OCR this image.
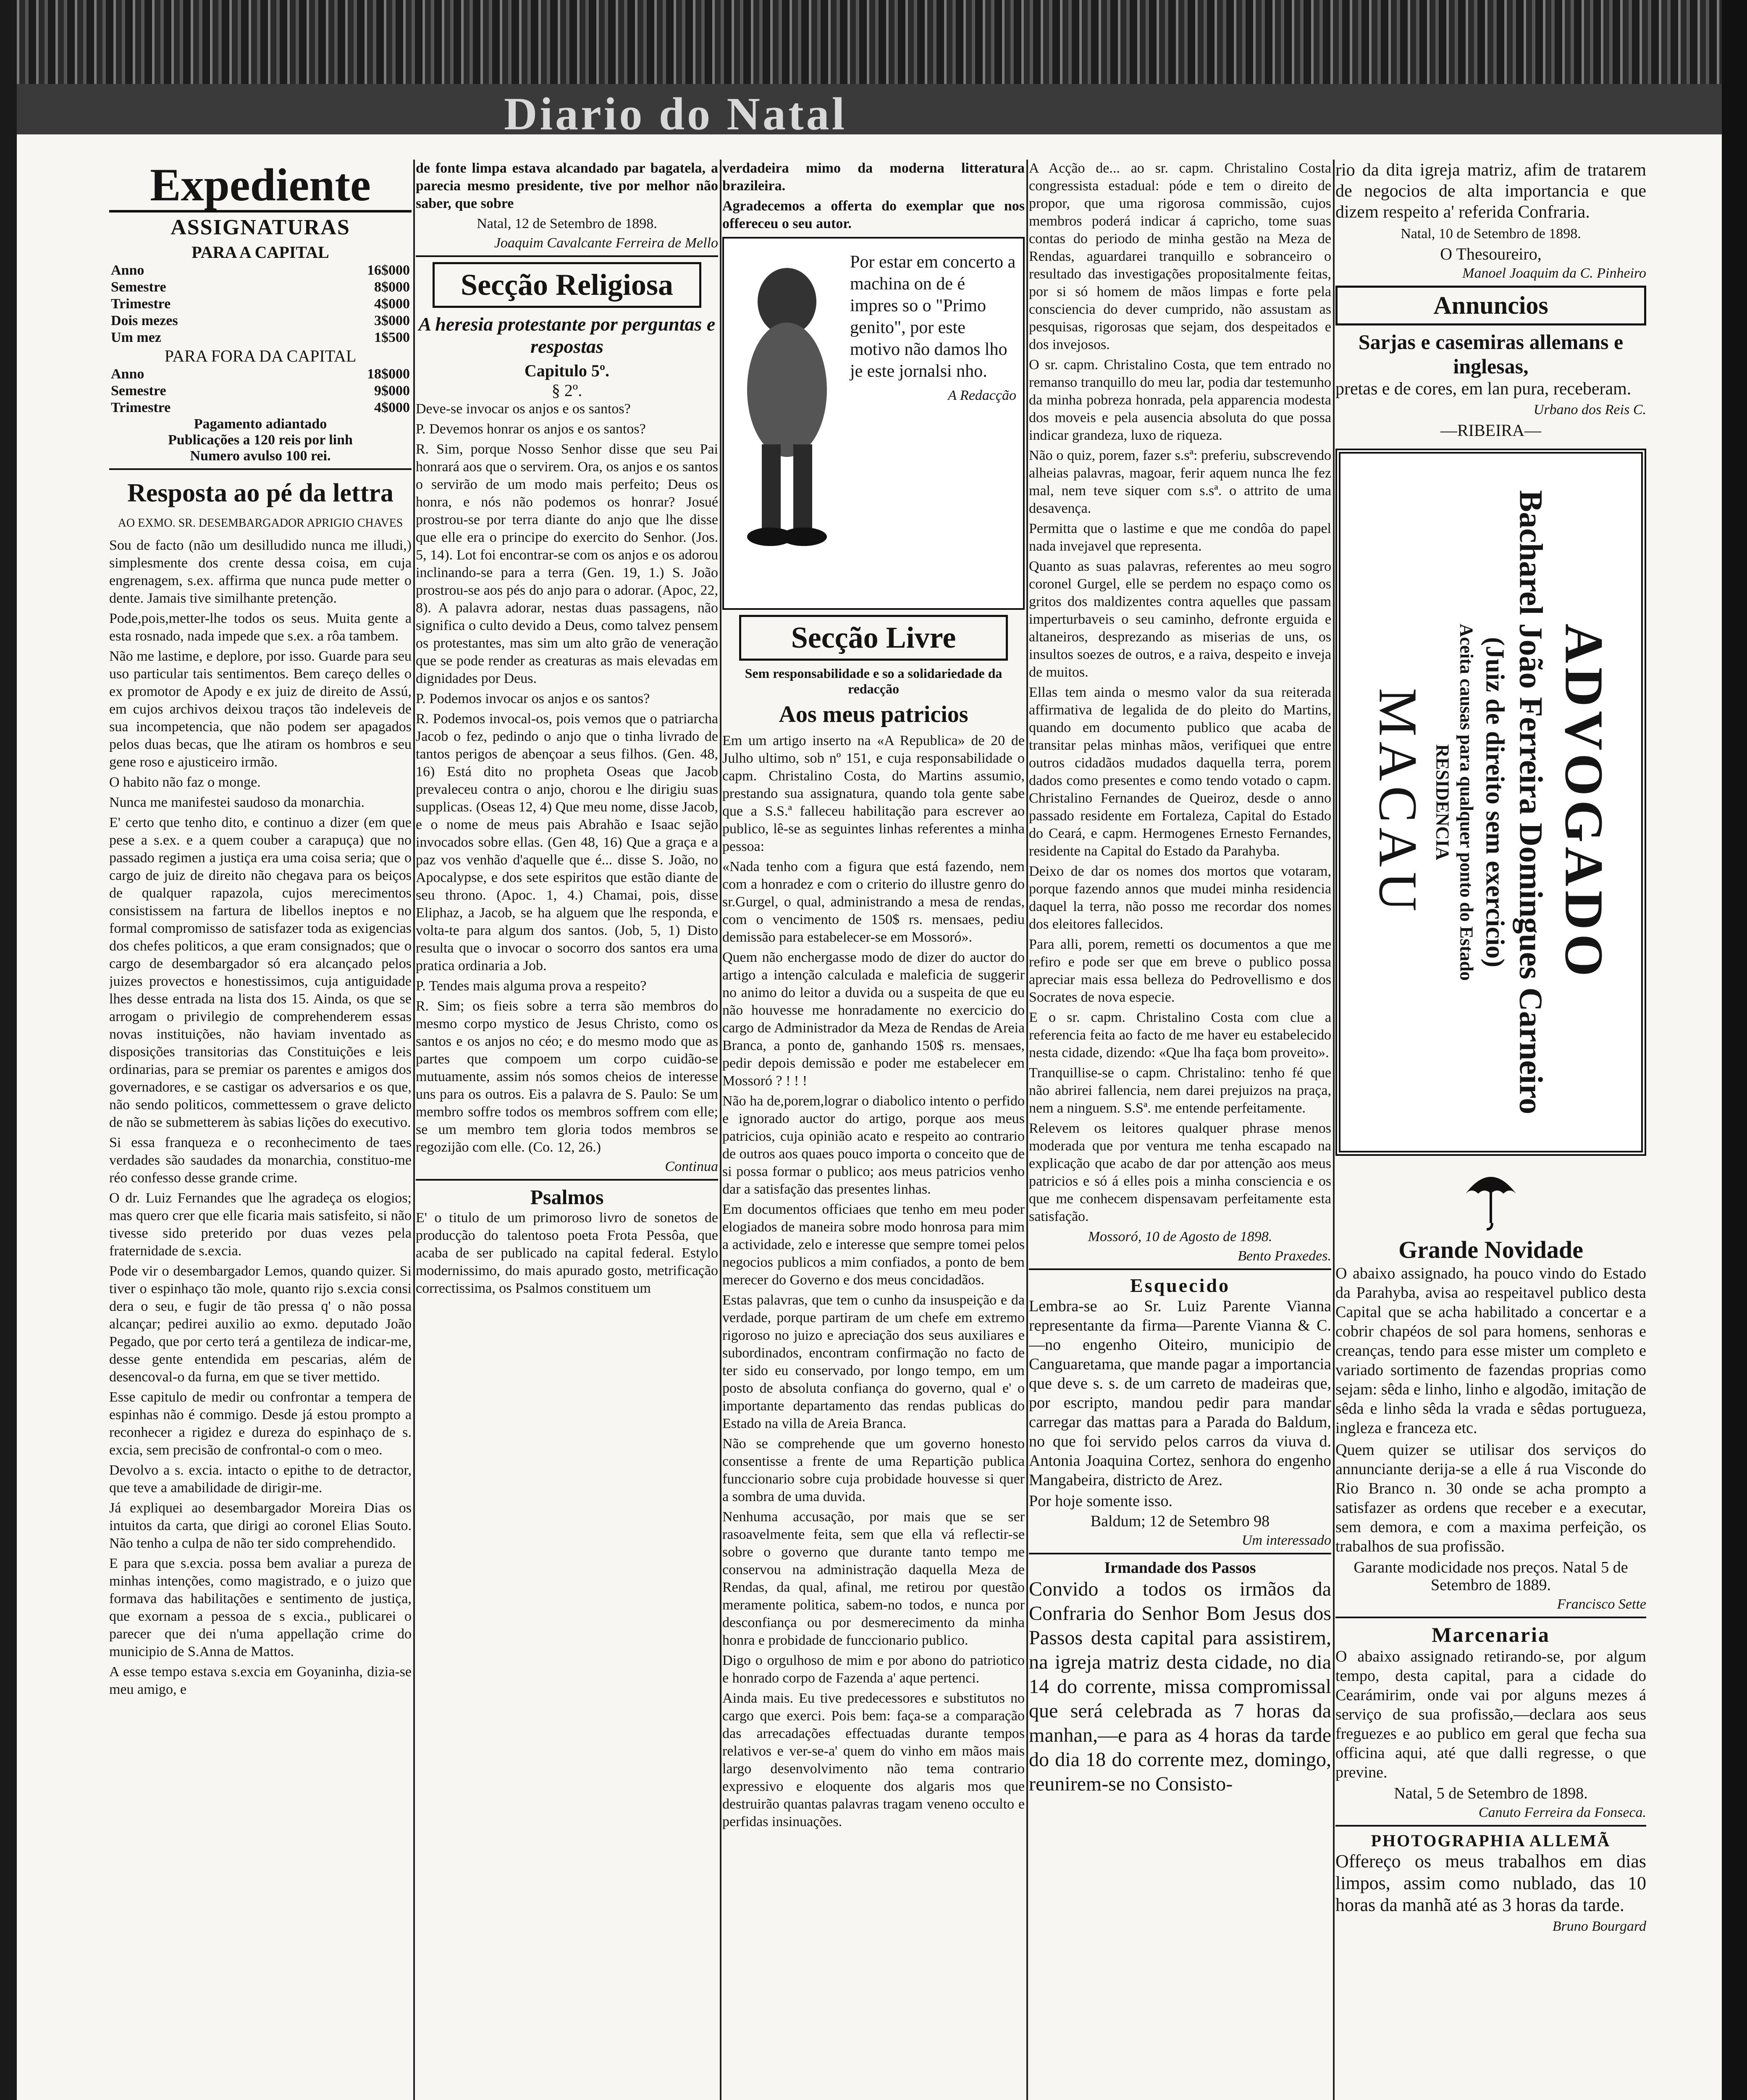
Diario do Natal
Expediente
ASSIGNATURAS
PARA A CAPITAL
Anno	16$000
Semestre	8$000
Trimestre	4$000
Dois mezes	3$000
Um mez	1$500
PARA FORA DA CAPITAL
Anno	18$000
Semestre	9$000
Trimestre	4$000
Pagamento adiantado
Publicações a 120 reis por linh
Numero avulso 100 rei.
Resposta ao pé da lettra
AO EXMO. SR. DESEMBARGADOR APRIGIO CHAVES

Sou de facto (não um desilludido nunca me illudi,) simplesmente dos crente dessa coisa, em cuja engrenagem, s.ex. affirma que nunca pude metter o dente. Jamais tive similhante pretenção.

Pode,pois,metter-lhe todos os seus. Muita gente a esta rosnado, nada impede que s.ex. a rôa tambem.

Não me lastime, e deplore, por isso. Guarde para seu uso particular tais sentimentos. Bem careço delles o ex promotor de Apody e ex juiz de direito de Assú, em cujos archivos deixou traços tão indeleveis de sua incompetencia, que não podem ser apagados pelos duas becas, que lhe atiram os hombros e seu gene roso e ajusticeiro irmão.

O habito não faz o monge.

Nunca me manifestei saudoso da monarchia.

E' certo que tenho dito, e continuo a dizer (em que pese a s.ex. e a quem couber a carapuça) que no passado regimen a justiça era uma coisa seria; que o cargo de juiz de direito não chegava para os beiços de qualquer rapazola, cujos merecimentos consistissem na fartura de libellos ineptos e no formal compromisso de satisfazer toda as exigencias dos chefes politicos, a que eram consignados; que o cargo de desembargador só era alcançado pelos juizes provectos e honestissimos, cuja antiguidade lhes desse entrada na lista dos 15. Ainda, os que se arrogam o privilegio de comprehenderem essas novas instituições, não haviam inventado as disposições transitorias das Constituições e leis ordinarias, para se premiar os parentes e amigos dos governadores, e se castigar os adversarios e os que, não sendo politicos, commettessem o grave delicto de não se submetterem às sabias lições do executivo.

Si essa franqueza e o reconhecimento de taes verdades são saudades da monarchia, constituo-me réo confesso desse grande crime.

O dr. Luiz Fernandes que lhe agradeça os elogios; mas quero crer que elle ficaria mais satisfeito, si não tivesse sido preterido por duas vezes pela fraternidade de s.excia.

Pode vir o desembargador Lemos, quando quizer. Si tiver o espinhaço tão mole, quanto rijo s.excia consi dera o seu, e fugir de tão pressa q' o não possa alcançar; pedirei auxilio ao exmo. deputado João Pegado, que por certo terá a gentileza de indicar-me, desse gente entendida em pescarias, além de desencoval-o da furna, em que se tiver mettido.

Esse capitulo de medir ou confrontar a tempera de espinhas não é commigo. Desde já estou prompto a reconhecer a rigidez e dureza do espinhaço de s. excia, sem precisão de confrontal-o com o meo.

Devolvo a s. excia. intacto o epithe to de detractor, que teve a amabilidade de dirigir-me.

Já expliquei ao desembargador Moreira Dias os intuitos da carta, que dirigi ao coronel Elias Souto. Não tenho a culpa de não ter sido comprehendido.

E para que s.excia. possa bem avaliar a pureza de minhas intenções, como magistrado, e o juizo que formava das habilitações e sentimento de justiça, que exornam a pessoa de s excia., publicarei o parecer que dei n'uma appellação crime do municipio de S.Anna de Mattos.

A esse tempo estava s.excia em Goyaninha, dizia-se meu amigo, e

de fonte limpa estava alcandado par bagatela, a parecia mesmo presidente, tive por melhor não saber, que sobre

Natal, 12 de Setembro de 1898.

Joaquim Cavalcante Ferreira de Mello
Secção Religiosa
A heresia protestante por perguntas e respostas
Capitulo 5º.
§ 2º.

Deve-se invocar os anjos e os santos?

P. Devemos honrar os anjos e os santos?

R. Sim, porque Nosso Senhor disse que seu Pai honrará aos que o servirem. Ora, os anjos e os santos o servirão de um modo mais perfeito; Deus os honra, e nós não podemos os honrar? Josué prostrou-se por terra diante do anjo que lhe disse que elle era o principe do exercito do Senhor. (Jos. 5, 14). Lot foi encontrar-se com os anjos e os adorou inclinando-se para a terra (Gen. 19, 1.) S. João prostrou-se aos pés do anjo para o adorar. (Apoc, 22, 8). A palavra adorar, nestas duas passagens, não significa o culto devido a Deus, como talvez pensem os protestantes, mas sim um alto grão de veneração que se pode render as creaturas as mais elevadas em dignidades por Deus.

P. Podemos invocar os anjos e os santos?

R. Podemos invocal-os, pois vemos que o patriarcha Jacob o fez, pedindo o anjo que o tinha livrado de tantos perigos de abençoar a seus filhos. (Gen. 48, 16) Está dito no propheta Oseas que Jacob prevaleceu contra o anjo, chorou e lhe dirigiu suas supplicas. (Oseas 12, 4) Que meu nome, disse Jacob, e o nome de meus pais Abrahão e Isaac sejão invocados sobre ellas. (Gen 48, 16) Que a graça e a paz vos venhão d'aquelle que é... disse S. João, no Apocalypse, e dos sete espiritos que estão diante de seu throno. (Apoc. 1, 4.) Chamai, pois, disse Eliphaz, a Jacob, se ha alguem que lhe responda, e volta-te para algum dos santos. (Job, 5, 1) Disto resulta que o invocar o socorro dos santos era uma pratica ordinaria a Job.

P. Tendes mais alguma prova a respeito?

R. Sim; os fieis sobre a terra são membros do mesmo corpo mystico de Jesus Christo, como os santos e os anjos no céo; e do mesmo modo que as partes que compoem um corpo cuidão-se mutuamente, assim nós somos cheios de interesse uns para os outros. Eis a palavra de S. Paulo: Se um membro soffre todos os membros soffrem com elle; se um membro tem gloria todos membros se regozijão com elle. (Co. 12, 26.)

Continua
Psalmos

E' o titulo de um primoroso livro de sonetos de producção do talentoso poeta Frota Pessôa, que acaba de ser publicado na capital federal. Estylo modernissimo, do mais apurado gosto, metrificação correctissima, os Psalmos constituem um

verdadeira mimo da moderna litteratura brazileira.

Agradecemos a offerta do exemplar que nos offereceu o seu autor.

Por estar em concerto a machina on de é impres so o "Primo genito", por este motivo não damos lho je este jornalsi nho.

A Redacção
Secção Livre
Sem responsabilidade e so a solidariedade da redacção
Aos meus patricios

Em um artigo inserto na «A Republica» de 20 de Julho ultimo, sob nº 151, e cuja responsabilidade o capm. Christalino Costa, do Martins assumio, prestando sua assignatura, quando tola gente sabe que a S.S.ª falleceu habilitação para escrever ao publico, lê-se as seguintes linhas referentes a minha pessoa:

«Nada tenho com a figura que está fazendo, nem com a honradez e com o criterio do illustre genro do sr.Gurgel, o qual, administrando a mesa de rendas, com o vencimento de 150$ rs. mensaes, pediu demissão para estabelecer-se em Mossoró».

Quem não enchergasse modo de dizer do auctor do artigo a intenção calculada e maleficia de suggerir no animo do leitor a duvida ou a suspeita de que eu não houvesse me honradamente no exercicio do cargo de Administrador da Meza de Rendas de Areia Branca, a ponto de, ganhando 150$ rs. mensaes, pedir depois demissão e poder me estabelecer em Mossoró ? ! ! !

Não ha de,porem,lograr o diabolico intento o perfido e ignorado auctor do artigo, porque aos meus patricios, cuja opinião acato e respeito ao contrario de outros aos quaes pouco importa o conceito que de si possa formar o publico; aos meus patricios venho dar a satisfação das presentes linhas.

Em documentos officiaes que tenho em meu poder elogiados de maneira sobre modo honrosa para mim a actividade, zelo e interesse que sempre tomei pelos negocios publicos a mim confiados, a ponto de bem merecer do Governo e dos meus concidadãos.

Estas palavras, que tem o cunho da insuspeição e da verdade, porque partiram de um chefe em extremo rigoroso no juizo e apreciação dos seus auxiliares e subordinados, encontram confirmação no facto de ter sido eu conservado, por longo tempo, em um posto de absoluta confiança do governo, qual e' o importante departamento das rendas publicas do Estado na villa de Areia Branca.

Não se comprehende que um governo honesto consentisse a frente de uma Repartição publica funccionario sobre cuja probidade houvesse si quer a sombra de uma duvida.

Nenhuma accusação, por mais que se ser rasoavelmente feita, sem que ella vá reflectir-se sobre o governo que durante tanto tempo me conservou na administração daquella Meza de Rendas, da qual, afinal, me retirou por questão meramente politica, sabem-no todos, e nunca por desconfiança ou por desmerecimento da minha honra e probidade de funccionario publico.

Digo o orgulhoso de mim e por abono do patriotico e honrado corpo de Fazenda a' aque pertenci.

Ainda mais. Eu tive predecessores e substitutos no cargo que exerci. Pois bem: faça-se a comparação das arrecadações effectuadas durante tempos relativos e ver-se-a' quem do vinho em mãos mais largo desenvolvimento não tema contrario expressivo e eloquente dos algaris mos que destruirão quantas palavras tragam veneno occulto e perfidas insinuações.

A Acção de... ao sr. capm. Christalino Costa congressista estadual: póde e tem o direito de propor, que uma rigorosa commissão, cujos membros poderá indicar á capricho, tome suas contas do periodo de minha gestão na Meza de Rendas, aguardarei tranquillo e sobranceiro o resultado das investigações propositalmente feitas, por si só homem de mãos limpas e forte pela consciencia do dever cumprido, não assustam as pesquisas, rigorosas que sejam, dos despeitados e dos invejosos.

O sr. capm. Christalino Costa, que tem entrado no remanso tranquillo do meu lar, podia dar testemunho da minha pobreza honrada, pela apparencia modesta dos moveis e pela ausencia absoluta do que possa indicar grandeza, luxo de riqueza.

Não o quiz, porem, fazer s.sª: preferiu, subscrevendo alheias palavras, magoar, ferir aquem nunca lhe fez mal, nem teve siquer com s.sª. o attrito de uma desavença.

Permitta que o lastime e que me condôa do papel nada invejavel que representa.

Quanto as suas palavras, referentes ao meu sogro coronel Gurgel, elle se perdem no espaço como os gritos dos maldizentes contra aquelles que passam imperturbaveis o seu caminho, defronte erguida e altaneiros, desprezando as miserias de uns, os insultos soezes de outros, e a raiva, despeito e inveja de muitos.

Ellas tem ainda o mesmo valor da sua reiterada affirmativa de legalida de do pleito do Martins, quando em documento publico que acaba de transitar pelas minhas mãos, verifiquei que entre outros cidadãos mudados daquella terra, porem dados como presentes e como tendo votado o capm. Christalino Fernandes de Queiroz, desde o anno passado residente em Fortaleza, Capital do Estado do Ceará, e capm. Hermogenes Ernesto Fernandes, residente na Capital do Estado da Parahyba.

Deixo de dar os nomes dos mortos que votaram, porque fazendo annos que mudei minha residencia daquel la terra, não posso me recordar dos nomes dos eleitores fallecidos.

Para alli, porem, remetti os documentos a que me refiro e pode ser que em breve o publico possa apreciar mais essa belleza do Pedrovellismo e dos Socrates de nova especie.

E o sr. capm. Christalino Costa com clue a referencia feita ao facto de me haver eu estabelecido nesta cidade, dizendo: «Que lha faça bom proveito».

Tranquillise-se o capm. Christalino: tenho fé que não abrirei fallencia, nem darei prejuizos na praça, nem a ninguem. S.Sª. me entende perfeitamente.

Relevem os leitores qualquer phrase menos moderada que por ventura me tenha escapado na explicação que acabo de dar por attenção aos meus patricios e só á elles pois a minha consciencia e os que me conhecem dispensavam perfeitamente esta satisfação.

Mossoró, 10 de Agosto de 1898.

Bento Praxedes.
Esquecido

Lembra-se ao Sr. Luiz Parente Vianna representante da firma—Parente Vianna & C.—no engenho Oiteiro, municipio de Canguaretama, que mande pagar a importancia que deve s. s. de um carreto de madeiras que, por escripto, mandou pedir para mandar carregar das mattas para a Parada do Baldum, no que foi servido pelos carros da viuva d. Antonia Joaquina Cortez, senhora do engenho Mangabeira, districto de Arez.

Por hoje somente isso.

Baldum; 12 de Setembro 98

Um interessado
Irmandade dos Passos

Convido a todos os irmãos da Confraria do Senhor Bom Jesus dos Passos desta capital para assistirem, na igreja matriz desta cidade, no dia 14 do corrente, missa compromissal que será celebrada as 7 horas da manhan,—e para as 4 horas da tarde do dia 18 do corrente mez, domingo, reunirem-se no Consisto-

rio da dita igreja matriz, afim de tratarem de negocios de alta importancia e que dizem respeito a' referida Confraria.

Natal, 10 de Setembro de 1898.

O Thesoureiro,

Manoel Joaquim da C. Pinheiro
Annuncios
Sarjas e casemiras allemans e inglesas,

pretas e de cores, em lan pura, receberam.

Urbano dos Reis C.
—RIBEIRA—
ADVOGADO
Bacharel João Ferreira Domingues Carneiro
(Juiz de direito sem exercicio)
Aceita causas para qualquer ponto do Estado
RESIDENCIA
MACAU
Grande Novidade

O abaixo assignado, ha pouco vindo do Estado da Parahyba, avisa ao respeitavel publico desta Capital que se acha habilitado a concertar e a cobrir chapéos de sol para homens, senhoras e creanças, tendo para esse mister um completo e variado sortimento de fazendas proprias como sejam: sêda e linho, linho e algodão, imitação de sêda e linho sêda la vrada e sêdas portugueza, ingleza e franceza etc.

Quem quizer se utilisar dos serviços do annunciante derija-se a elle á rua Visconde do Rio Branco n. 30 onde se acha prompto a satisfazer as ordens que receber e a executar, sem demora, e com a maxima perfeição, os trabalhos de sua profissão.

Garante modicidade nos preços. Natal 5 de Setembro de 1889.

Francisco Sette
Marcenaria

O abaixo assignado retirando-se, por algum tempo, desta capital, para a cidade do Cearámirim, onde vai por alguns mezes á serviço de sua profissão,—declara aos seus freguezes e ao publico em geral que fecha sua officina aqui, até que dalli regresse, o que previne.

Natal, 5 de Setembro de 1898.

Canuto Ferreira da Fonseca.
PHOTOGRAPHIA ALLEMÃ

Offereço os meus trabalhos em dias limpos, assim como nublado, das 10 horas da manhã até as 3 horas da tarde.

Bruno Bourgard
